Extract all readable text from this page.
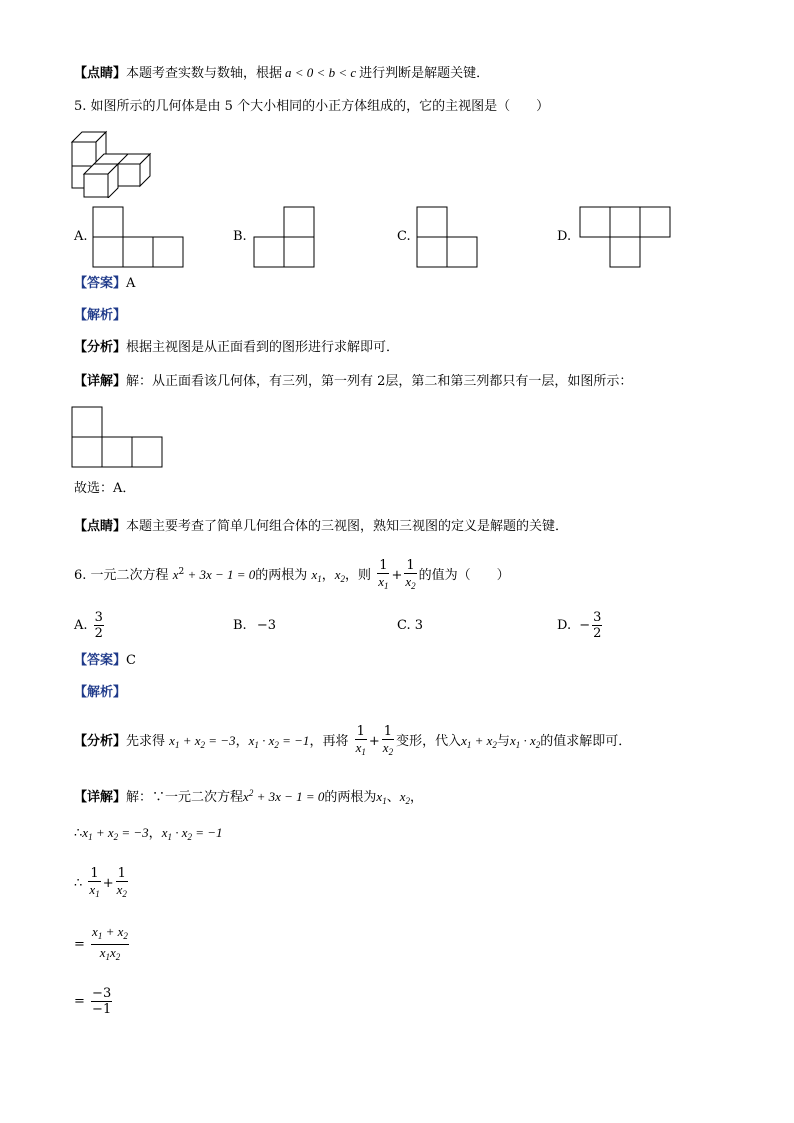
【点睛】本题考查实数与数轴，根据 a < 0 < b < c 进行判断是解题关键．
5. 如图所示的几何体是由 5 个大小相同的小正方体组成的，它的主视图是（　　）
A.	B.	C.	D.
【答案】A
【解析】
【分析】根据主视图是从正面看到的图形进行求解即可．
【详解】解：从正面看该几何体，有三列，第一列有 2层，第二和第三列都只有一层，如图所示：
故选：A．
【点睛】本题主要考查了简单几何组合体的三视图，熟知三视图的定义是解题的关键．
6. 一元二次方程 $x^2 + 3x - 1 = 0$的两根为 $x_1$，$x_2$，则 $\frac{1}{x_1} + \frac{1}{x_2}$ 的值为（　　）
A. $\frac{3}{2}$	B. −3	C. 3	D. − $\frac{3}{2}$
【答案】C
【解析】
【分析】先求得 $x_1 + x_2 = -3$，$x_1 \cdot x_2 = -1$，再将 $\frac{1}{x_1} + \frac{1}{x_2}$ 变形，代入$x_1 + x_2$与$x_1 \cdot x_2$的值求解即可．
【详解】解：∵一元二次方程$x^2 + 3x - 1 = 0$的两根为$x_1$、$x_2$，
$\therefore x_1 + x_2 = -3$，$x_1 \cdot x_2 = -1$
∴ $\frac{1}{x_1} + \frac{1}{x_2}$
= $\frac{x_1 + x_2}{x_1x_2}$
= $\frac{-3}{-1}$
